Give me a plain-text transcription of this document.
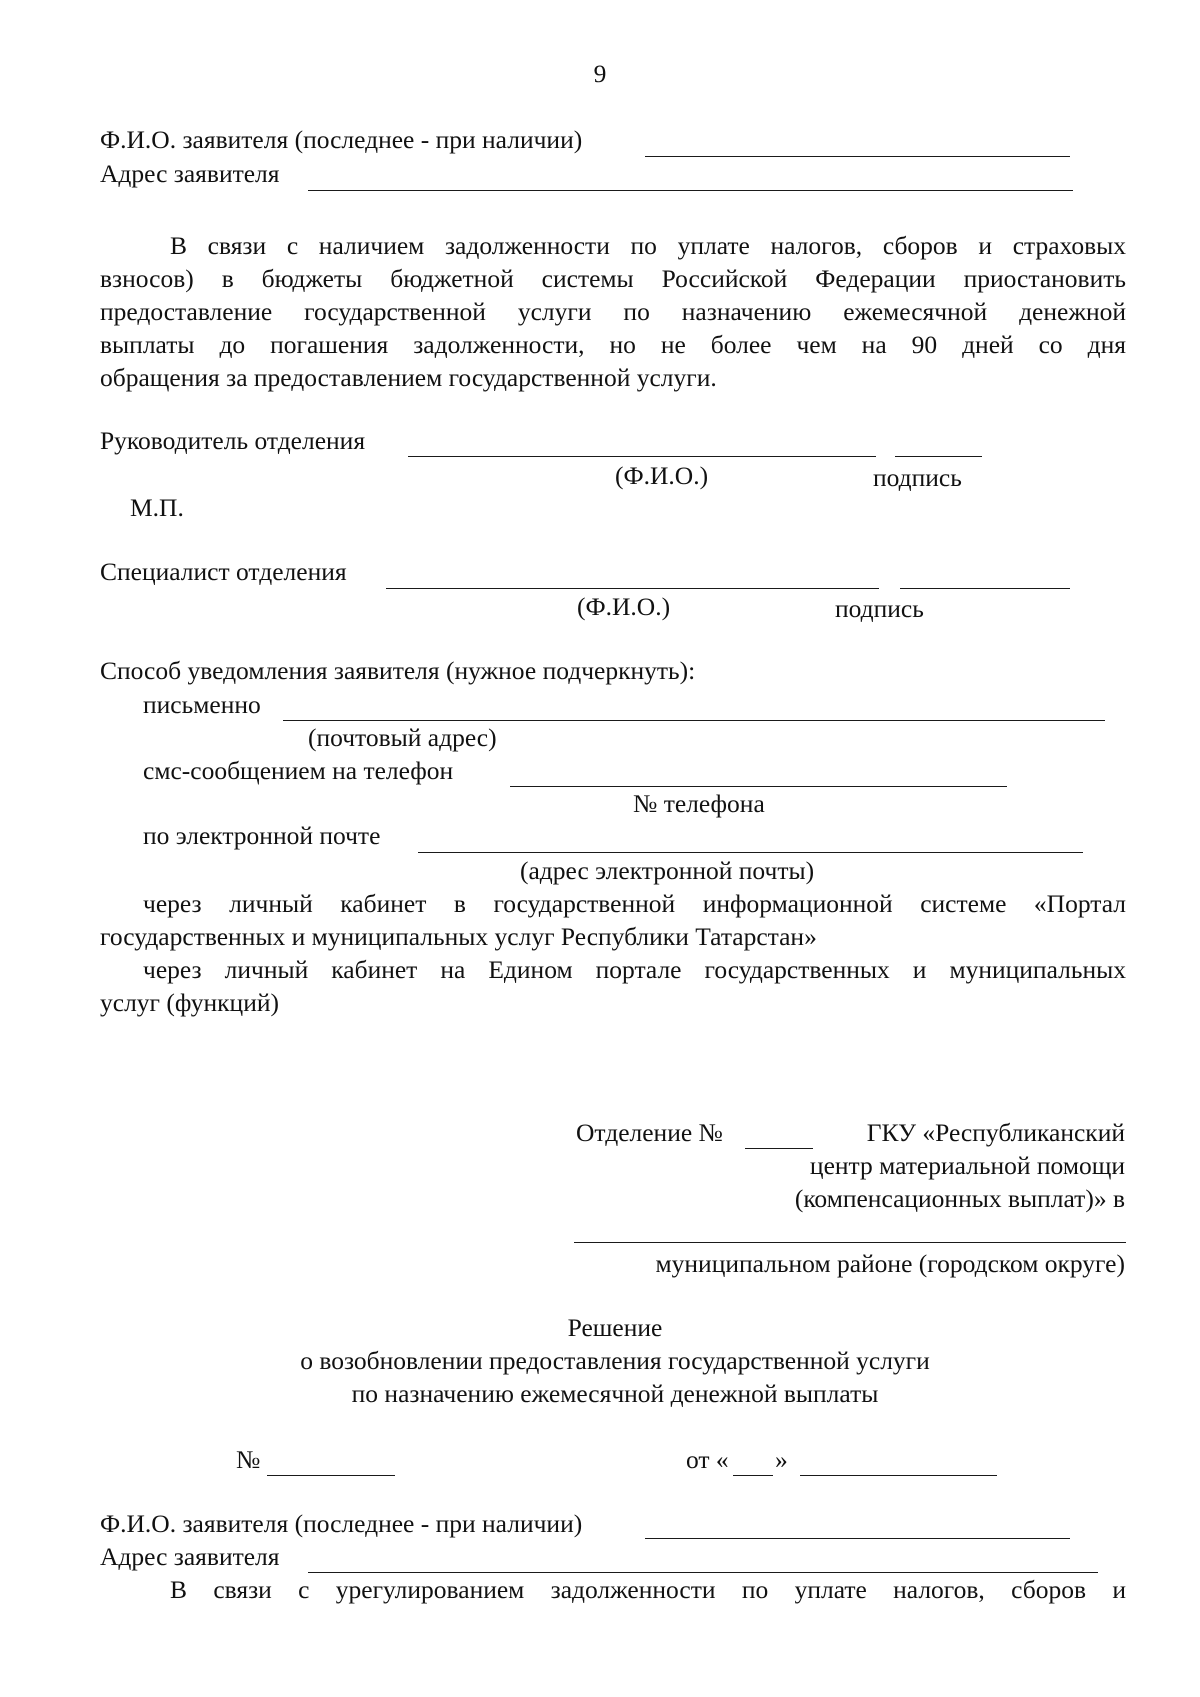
9
Ф.И.О. заявителя (последнее - при наличии)
Адрес заявителя
В связи с наличием задолженности по уплате налогов, сборов и страховых
взносов) в бюджеты бюджетной системы Российской Федерации приостановить
предоставление государственной услуги по назначению ежемесячной денежной
выплаты до погашения задолженности, но не более чем на 90 дней со дня
обращения за предоставлением государственной услуги.
Руководитель отделения
(Ф.И.О.)	подпись
М.П.
Специалист отделения
(Ф.И.О.)	подпись
Способ уведомления заявителя (нужное подчеркнуть):
письменно
(почтовый адрес)
смс-сообщением на телефон
№ телефона
по электронной почте
(адрес электронной почты)
через личный кабинет в государственной информационной системе «Портал
государственных и муниципальных услуг Республики Татарстан»
через личный кабинет на Едином портале государственных и муниципальных
услуг (функций)
Отделение №	ГКУ «Республиканский
центр материальной помощи
(компенсационных выплат)» в
муниципальном районе (городском округе)
Решение
о возобновлении предоставления государственной услуги
по назначению ежемесячной денежной выплаты
№	от « »
Ф.И.О. заявителя (последнее - при наличии)
Адрес заявителя
В связи с урегулированием задолженности по уплате налогов, сборов и
